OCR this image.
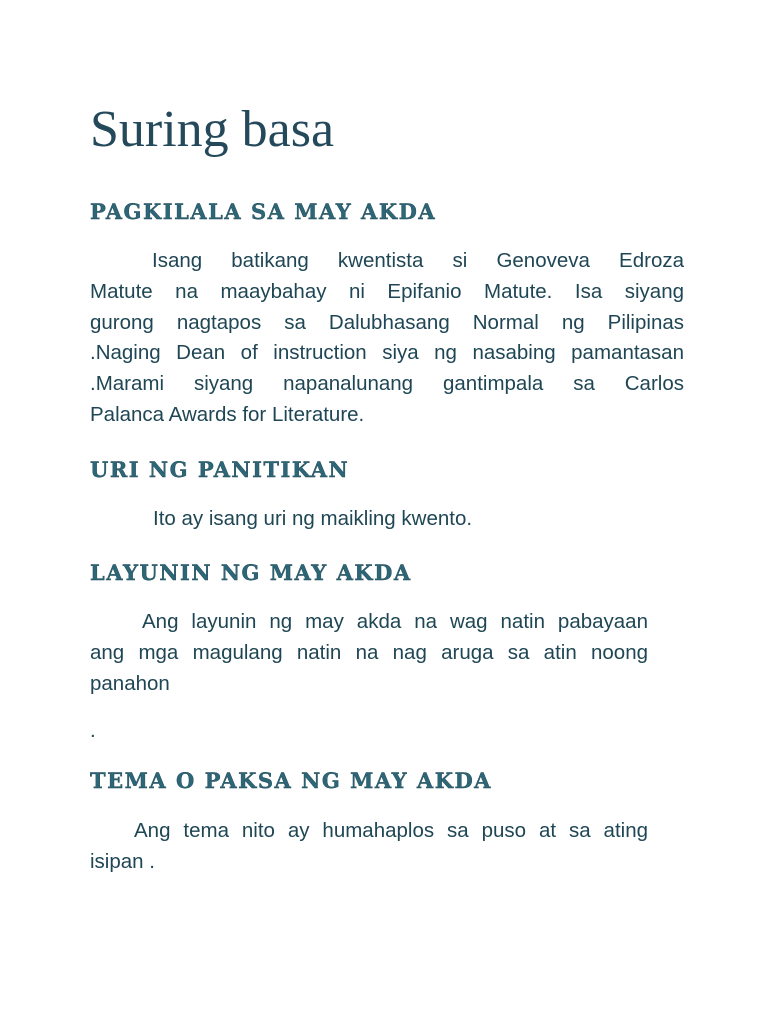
Suring basa
PAGKILALA SA MAY AKDA
Isang batikang kwentista si Genoveva Edroza
Matute na maaybahay ni Epifanio Matute. Isa siyang
gurong nagtapos sa Dalubhasang Normal ng Pilipinas
.Naging Dean of instruction siya ng nasabing pamantasan
.Marami siyang napanalunang gantimpala sa Carlos
Palanca Awards for Literature.
URI NG PANITIKAN
Ito ay isang uri ng maikling kwento.
LAYUNIN NG MAY AKDA
Ang layunin ng may akda na wag natin pabayaan
ang mga magulang natin na nag aruga sa atin noong
panahon
.
TEMA O PAKSA NG MAY AKDA
Ang tema nito ay humahaplos sa puso at sa ating
isipan .
